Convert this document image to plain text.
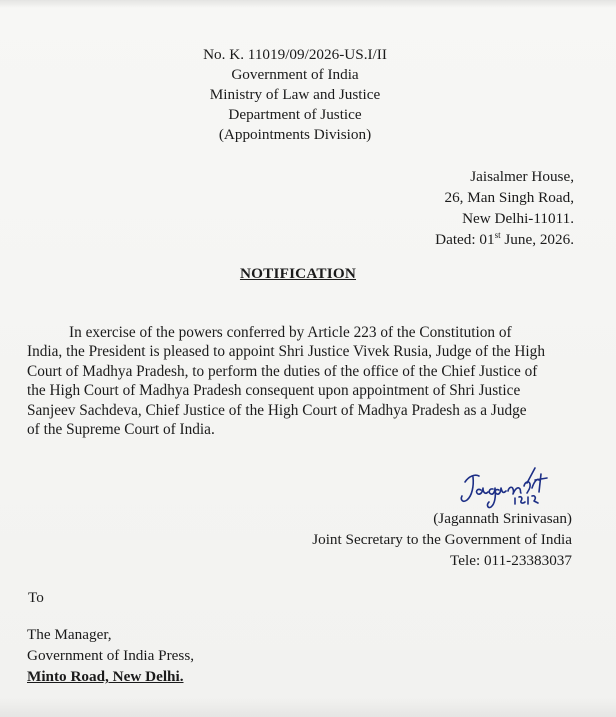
No. K. 11019/09/2026-US.I/II
Government of India
Ministry of Law and Justice
Department of Justice
(Appointments Division)
Jaisalmer House,
26, Man Singh Road,
New Delhi-11011.
Dated: 01st June, 2026.
NOTIFICATION
In exercise of the powers conferred by Article 223 of the Constitution of
India, the President is pleased to appoint Shri Justice Vivek Rusia, Judge of the High
Court of Madhya Pradesh, to perform the duties of the office of the Chief Justice of
the High Court of Madhya Pradesh consequent upon appointment of Shri Justice
Sanjeev Sachdeva, Chief Justice of the High Court of Madhya Pradesh as a Judge
of the Supreme Court of India.
(Jagannath Srinivasan)
Joint Secretary to the Government of India
Tele: 011-23383037
To
The Manager,
Government of India Press,
Minto Road, New Delhi.
